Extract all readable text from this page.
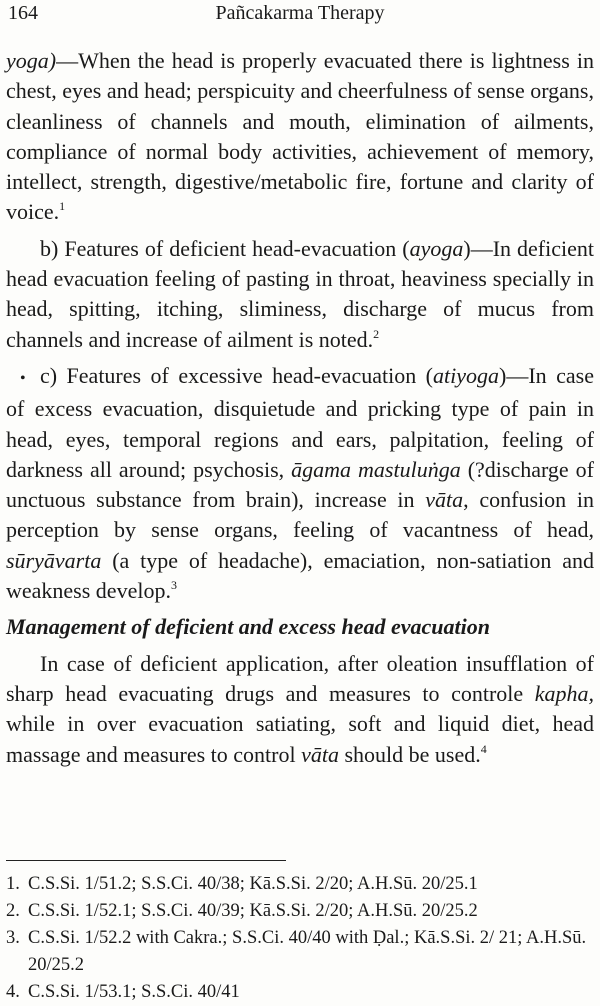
164	Pañcakarma Therapy

yoga)—When the head is properly evacuated there is lightness in chest, eyes and head; perspicuity and cheerfulness of sense organs, cleanliness of channels and mouth, elimination of ailments, compliance of normal body activities, achievement of memory, intellect, strength, digestive/metabolic fire, fortune and clarity of voice.$^1$

b) Features of deficient head-evacuation (ayoga)—In deficient head evacuation feeling of pasting in throat, heaviness specially in head, spitting, itching, sliminess, discharge of mucus from channels and increase of ailment is noted.$^2$

• c) Features of excessive head-evacuation (atiyoga)—In case of excess evacuation, disquietude and pricking type of pain in head, eyes, temporal regions and ears, palpitation, feeling of darkness all around; psychosis, āgama mastuluṅga (?discharge of unctuous substance from brain), increase in vāta, confusion in perception by sense organs, feeling of vacantness of head, sūryāvarta (a type of headache), emaciation, non-satiation and weakness develop.$^3$

Management of deficient and excess head evacuation

In case of deficient application, after oleation insufflation of sharp head evacuating drugs and measures to controle kapha, while in over evacuation satiating, soft and liquid diet, head massage and measures to control vāta should be used.$^4$

1. C.S.Si. 1/51.2; S.S.Ci. 40/38; Kā.S.Si. 2/20; A.H.Sū. 20/25.1

2. C.S.Si. 1/52.1; S.S.Ci. 40/39; Kā.S.Si. 2/20; A.H.Sū. 20/25.2

3. C.S.Si. 1/52.2 with Cakra.; S.S.Ci. 40/40 with Ḍal.; Kā.S.Si. 2/ 21; A.H.Sū. 20/25.2

4. C.S.Si. 1/53.1; S.S.Ci. 40/41
